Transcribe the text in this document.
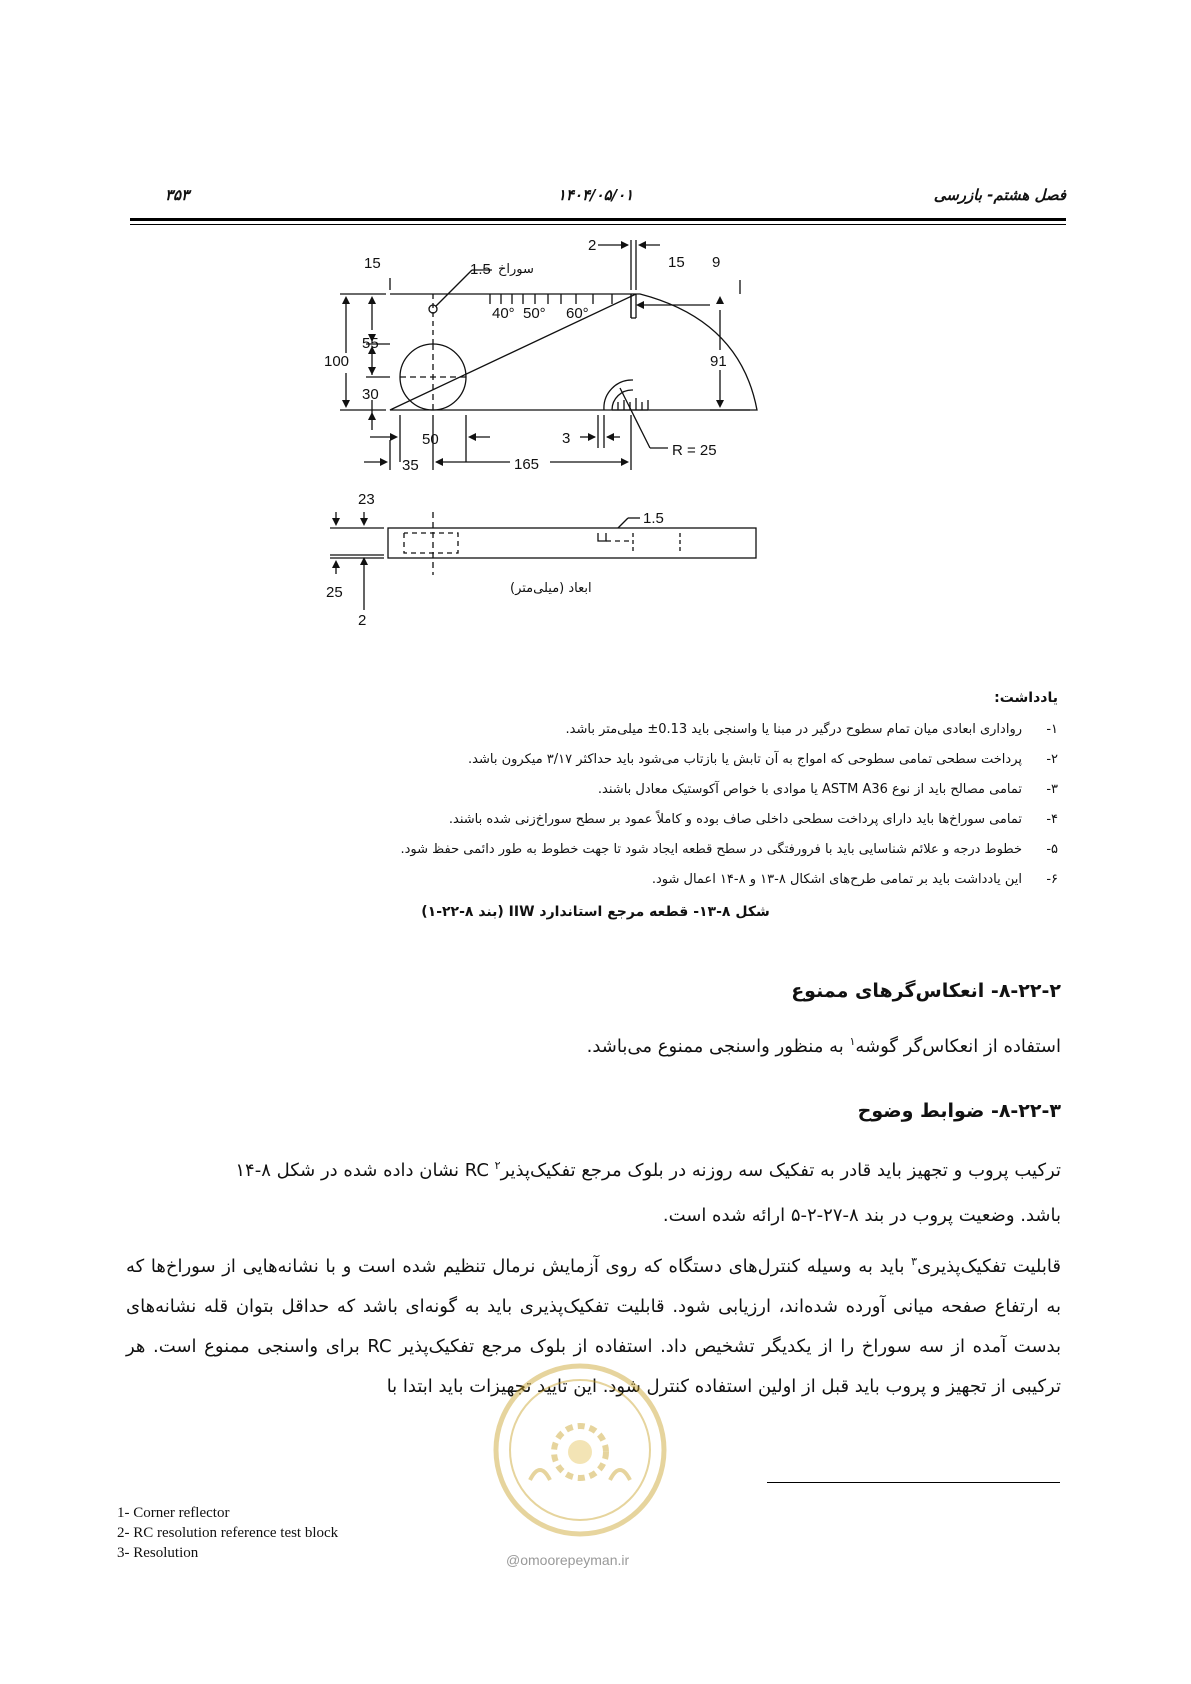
فصل هشتم- بازرسی
۱۴۰۴/۰۵/۰۱
۳۵۳
15	1.5 سوراخ
2
15 9
40° 50° 60°
100
55
30
91
50	3
R = 25
35	165
23
1.5
25
2
ابعاد (میلی‌متر)
یادداشت:
۱-
رواداری ابعادی میان تمام سطوح درگیر در مبنا یا واسنجی باید 0.13± میلی‌متر باشد.
۲-
پرداخت سطحی تمامی سطوحی که امواج به آن تابش یا بازتاب می‌شود باید حداکثر ۳/۱۷ میکرون باشد.
۳-
تمامی مصالح باید از نوع ASTM A36 یا موادی با خواص آکوستیک معادل باشند.
۴-
تمامی سوراخ‌ها باید دارای پرداخت سطحی داخلی صاف بوده و کاملاً عمود بر سطح سوراخ‌زنی شده باشند.
۵-
خطوط درجه و علائم شناسایی باید با فرورفتگی در سطح قطعه ایجاد شود تا جهت خطوط به طور دائمی حفظ شود.
۶-
این یادداشت باید بر تمامی طرح‌های اشکال ۸-۱۳ و ۸-۱۴ اعمال شود.
شکل ۸-۱۳- قطعه مرجع استاندارد IIW (بند ۸-۲۲-۱)
۸-۲۲-۲- انعکاس‌گرهای ممنوع
استفاده از انعکاس‌گر گوشه$^۱$ به منظور واسنجی ممنوع می‌باشد.
۸-۲۲-۳- ضوابط وضوح
ترکیب پروب و تجهیز باید قادر به تفکیک سه روزنه در بلوک مرجع تفکیک‌پذیر$^۲$ RC نشان داده شده در شکل ۸-۱۴
باشد. وضعیت پروب در بند ۸-۲۷-۲-۵ ارائه شده است.
قابلیت تفکیک‌پذیری$^۳$ باید به وسیله کنترل‌های دستگاه که روی آزمایش نرمال تنظیم شده است و با نشانه‌هایی از سوراخ‌ها که به ارتفاع صفحه میانی آورده شده‌اند، ارزیابی شود. قابلیت تفکیک‌پذیری باید به گونه‌ای باشد که حداقل بتوان قله نشانه‌های بدست آمده از سه سوراخ را از یکدیگر تشخیص داد. استفاده از بلوک مرجع تفکیک‌پذیر RC برای واسنجی ممنوع است. هر ترکیبی از تجهیز و پروب باید قبل از اولین استفاده کنترل شود. این تایید تجهیزات باید ابتدا با
1- Corner reflector
2- RC resolution reference test block
3- Resolution	@omoorepeyman.ir
